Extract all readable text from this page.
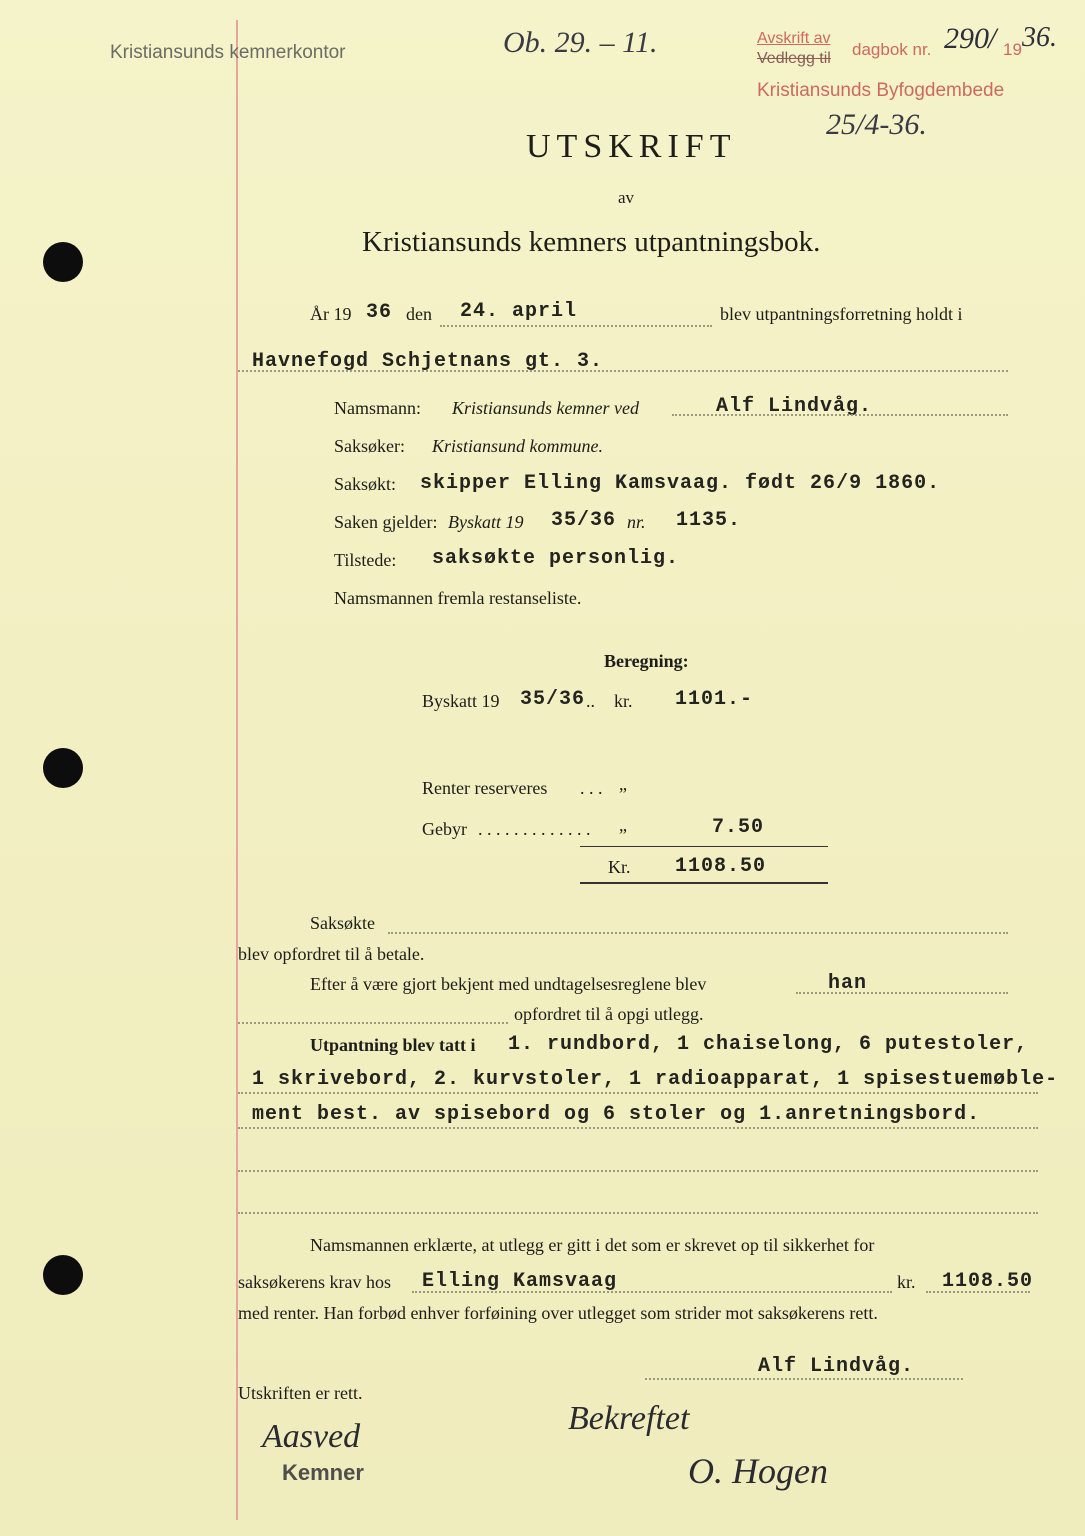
Kristiansunds kemnerkontor	Ob. 29. – 11.	Avskrift av
Vedlegg til dagbok nr. 290 / 19 36.
Kristiansunds Byfogdembede
25/4-36.
UTSKRIFT
av
Kristiansunds kemners utpantningsbok.
År 19 36 den 24. april	blev utpantningsforretning holdt i
Havnefogd Schjetnans gt. 3.
Namsmann: Kristiansunds kemner ved	Alf Lindvåg.
Saksøker: Kristiansund kommune.
Saksøkt: skipper Elling Kamsvaag. født 26/9 1860.
Saken gjelder: Byskatt 19 35/36 nr. 1135.
Tilstede: saksøkte personlig.
Namsmannen fremla restanseliste.
Beregning:
Byskatt 19 35/36 .. kr. 1101.-
Renter reserveres . . . „
Gebyr . . . . . . . . . . . . . „	7.50
Kr. 1108.50
Saksøkte
blev opfordret til å betale.
Efter å være gjort bekjent med undtagelsesreglene blev	han
opfordret til å opgi utlegg.
Utpantning blev tatt i 1. rundbord, 1 chaiselong, 6 putestoler,
1 skrivebord, 2. kurvstoler, 1 radioapparat, 1 spisestuemøble-
ment best. av spisebord og 6 stoler og 1.anretningsbord.
Namsmannen erklærte, at utlegg er gitt i det som er skrevet op til sikkerhet for
saksøkerens krav hos Elling Kamsvaag	kr. 1108.50
med renter. Han forbød enhver forføining over utlegget som strider mot saksøkerens rett.
Alf Lindvåg.
Utskriften er rett.
Aasved
Kemner
Bekreftet
O. Hogen
